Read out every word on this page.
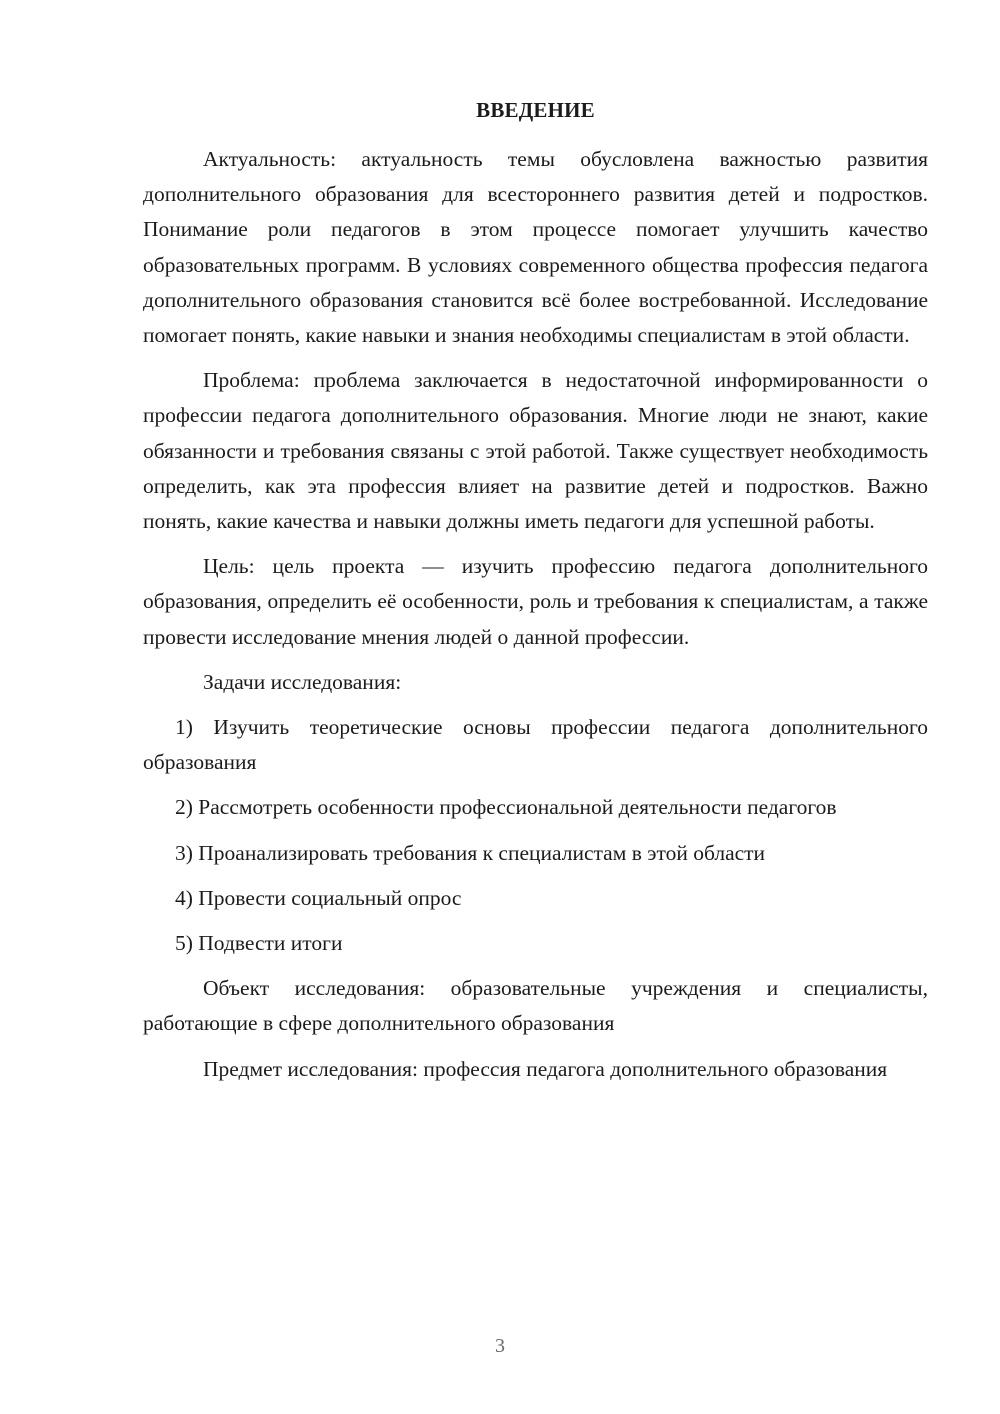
ВВЕДЕНИЕ

Актуальность: актуальность темы обусловлена важностью развития дополнительного образования для всестороннего развития детей и подростков. Понимание роли педагогов в этом процессе помогает улучшить качество образовательных программ. В условиях современного общества профессия педагога дополнительного образования становится всё более востребованной. Исследование помогает понять, какие навыки и знания необходимы специалистам в этой области.

Проблема: проблема заключается в недостаточной информированности о профессии педагога дополнительного образования. Многие люди не знают, какие обязанности и требования связаны с этой работой. Также существует необходимость определить, как эта профессия влияет на развитие детей и подростков. Важно понять, какие качества и навыки должны иметь педагоги для успешной работы.

Цель: цель проекта — изучить профессию педагога дополнительного образования, определить её особенности, роль и требования к специалистам, а также провести исследование мнения людей о данной профессии.

Задачи исследования:

1) Изучить теоретические основы профессии педагога дополнительного образования

2) Рассмотреть особенности профессиональной деятельности педагогов

3) Проанализировать требования к специалистам в этой области

4) Провести социальный опрос

5) Подвести итоги

Объект исследования: образовательные учреждения и специалисты, работающие в сфере дополнительного образования

Предмет исследования: профессия педагога дополнительного образования

3
